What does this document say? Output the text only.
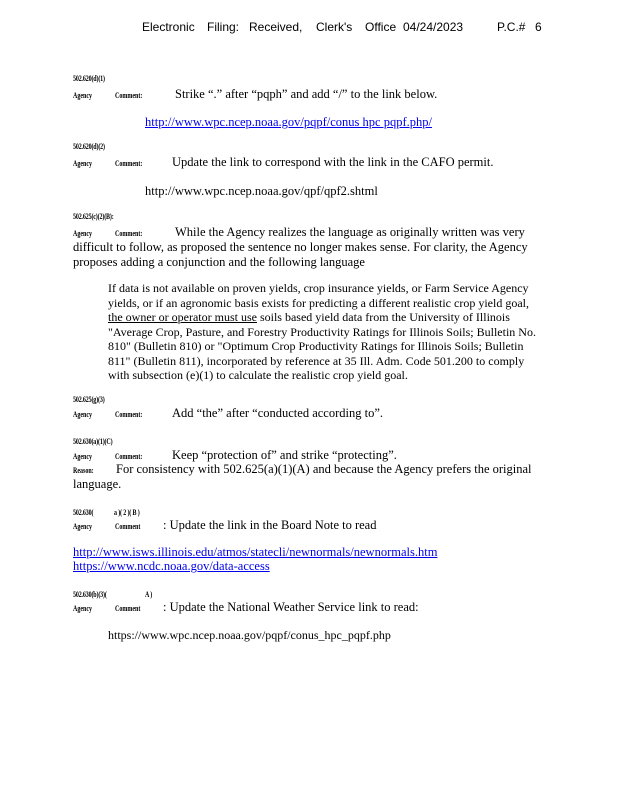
Electronic Filing: Received, Clerk's Office 04/24/2023	P.C.# 6
502.620(d)(1)
Agency	Comment:	Strike “.” after “pqph” and add “/” to the link below.
http://www.wpc.ncep.noaa.gov/pqpf/conus hpc pqpf.php/
502.620(d)(2)
Agency	Comment: Update the link to correspond with the link in the CAFO permit.
http://www.wpc.ncep.noaa.gov/qpf/qpf2.shtml
502.625(c)(2)(B):
Agency	Comment:	While the Agency realizes the language as originally written was very
difficult to follow, as proposed the sentence no longer makes sense. For clarity, the Agency
proposes adding a conjunction and the following language
If data is not available on proven yields, crop insurance yields, or Farm Service Agency
yields, or if an agronomic basis exists for predicting a different realistic crop yield goal,
the owner or operator must use soils based yield data from the University of Illinois
"Average Crop, Pasture, and Forestry Productivity Ratings for Illinois Soils; Bulletin No.
810" (Bulletin 810) or "Optimum Crop Productivity Ratings for Illinois Soils; Bulletin
811" (Bulletin 811), incorporated by reference at 35 Ill. Adm. Code 501.200 to comply
with subsection (e)(1) to calculate the realistic crop yield goal.
502.625(g)(3)
Agency	Comment: Add “the” after “conducted according to”.
502.630(a)(1)(C)
Agency	Comment: Keep “protection of” and strike “protecting”.
Reason: For consistency with 502.625(a)(1)(A) and because the Agency prefers the original
language.
502.630(	a )( 2 )( B )
Agency	Comment : Update the link in the Board Note to read
http://www.isws.illinois.edu/atmos/statecli/newnormals/newnormals.htm
https://www.ncdc.noaa.gov/data-access
502.630(b)(3)(	A )
Agency	Comment : Update the National Weather Service link to read:
https://www.wpc.ncep.noaa.gov/pqpf/conus_hpc_pqpf.php
